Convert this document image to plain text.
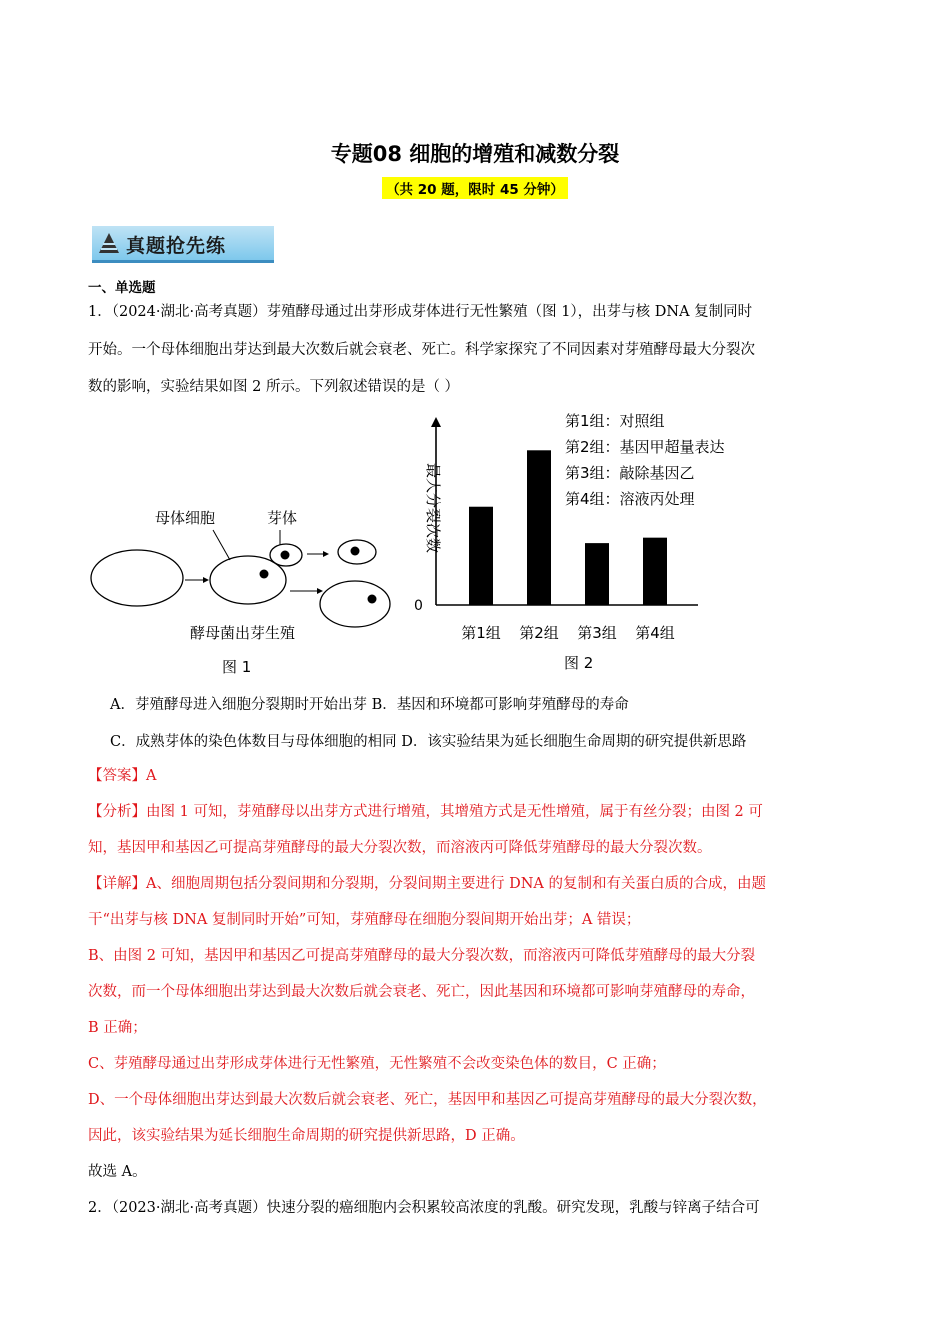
专题08 细胞的增殖和减数分裂
（共 20 题，限时 45 分钟）
真题抢先练
一、单选题
1．（2024·湖北·高考真题）芽殖酵母通过出芽形成芽体进行无性繁殖（图 1），出芽与核 DNA 复制同时
开始。一个母体细胞出芽达到最大次数后就会衰老、死亡。科学家探究了不同因素对芽殖酵母最大分裂次
数的影响，实验结果如图 2 所示。下列叙述错误的是（ ）
母体细胞	芽体
酵母菌出芽生殖
图 1
0
最大分裂次数
第1组：对照组
第2组：基因甲超量表达
第3组：敲除基因乙
第4组：溶液丙处理
第1组 第2组 第3组 第4组
图 2
A．芽殖酵母进入细胞分裂期时开始出芽 B．基因和环境都可影响芽殖酵母的寿命
C．成熟芽体的染色体数目与母体细胞的相同 D．该实验结果为延长细胞生命周期的研究提供新思路
【答案】A
【分析】由图 1 可知，芽殖酵母以出芽方式进行增殖，其增殖方式是无性增殖，属于有丝分裂；由图 2 可
知，基因甲和基因乙可提高芽殖酵母的最大分裂次数，而溶液丙可降低芽殖酵母的最大分裂次数。
【详解】A、细胞周期包括分裂间期和分裂期，分裂间期主要进行 DNA 的复制和有关蛋白质的合成，由题
干“出芽与核 DNA 复制同时开始”可知，芽殖酵母在细胞分裂间期开始出芽；A 错误；
B、由图 2 可知，基因甲和基因乙可提高芽殖酵母的最大分裂次数，而溶液丙可降低芽殖酵母的最大分裂
次数，而一个母体细胞出芽达到最大次数后就会衰老、死亡，因此基因和环境都可影响芽殖酵母的寿命，
B 正确；
C、芽殖酵母通过出芽形成芽体进行无性繁殖，无性繁殖不会改变染色体的数目，C 正确；
D、一个母体细胞出芽达到最大次数后就会衰老、死亡，基因甲和基因乙可提高芽殖酵母的最大分裂次数，
因此，该实验结果为延长细胞生命周期的研究提供新思路，D 正确。
故选 A。
2．（2023·湖北·高考真题）快速分裂的癌细胞内会积累较高浓度的乳酸。研究发现，乳酸与锌离子结合可
